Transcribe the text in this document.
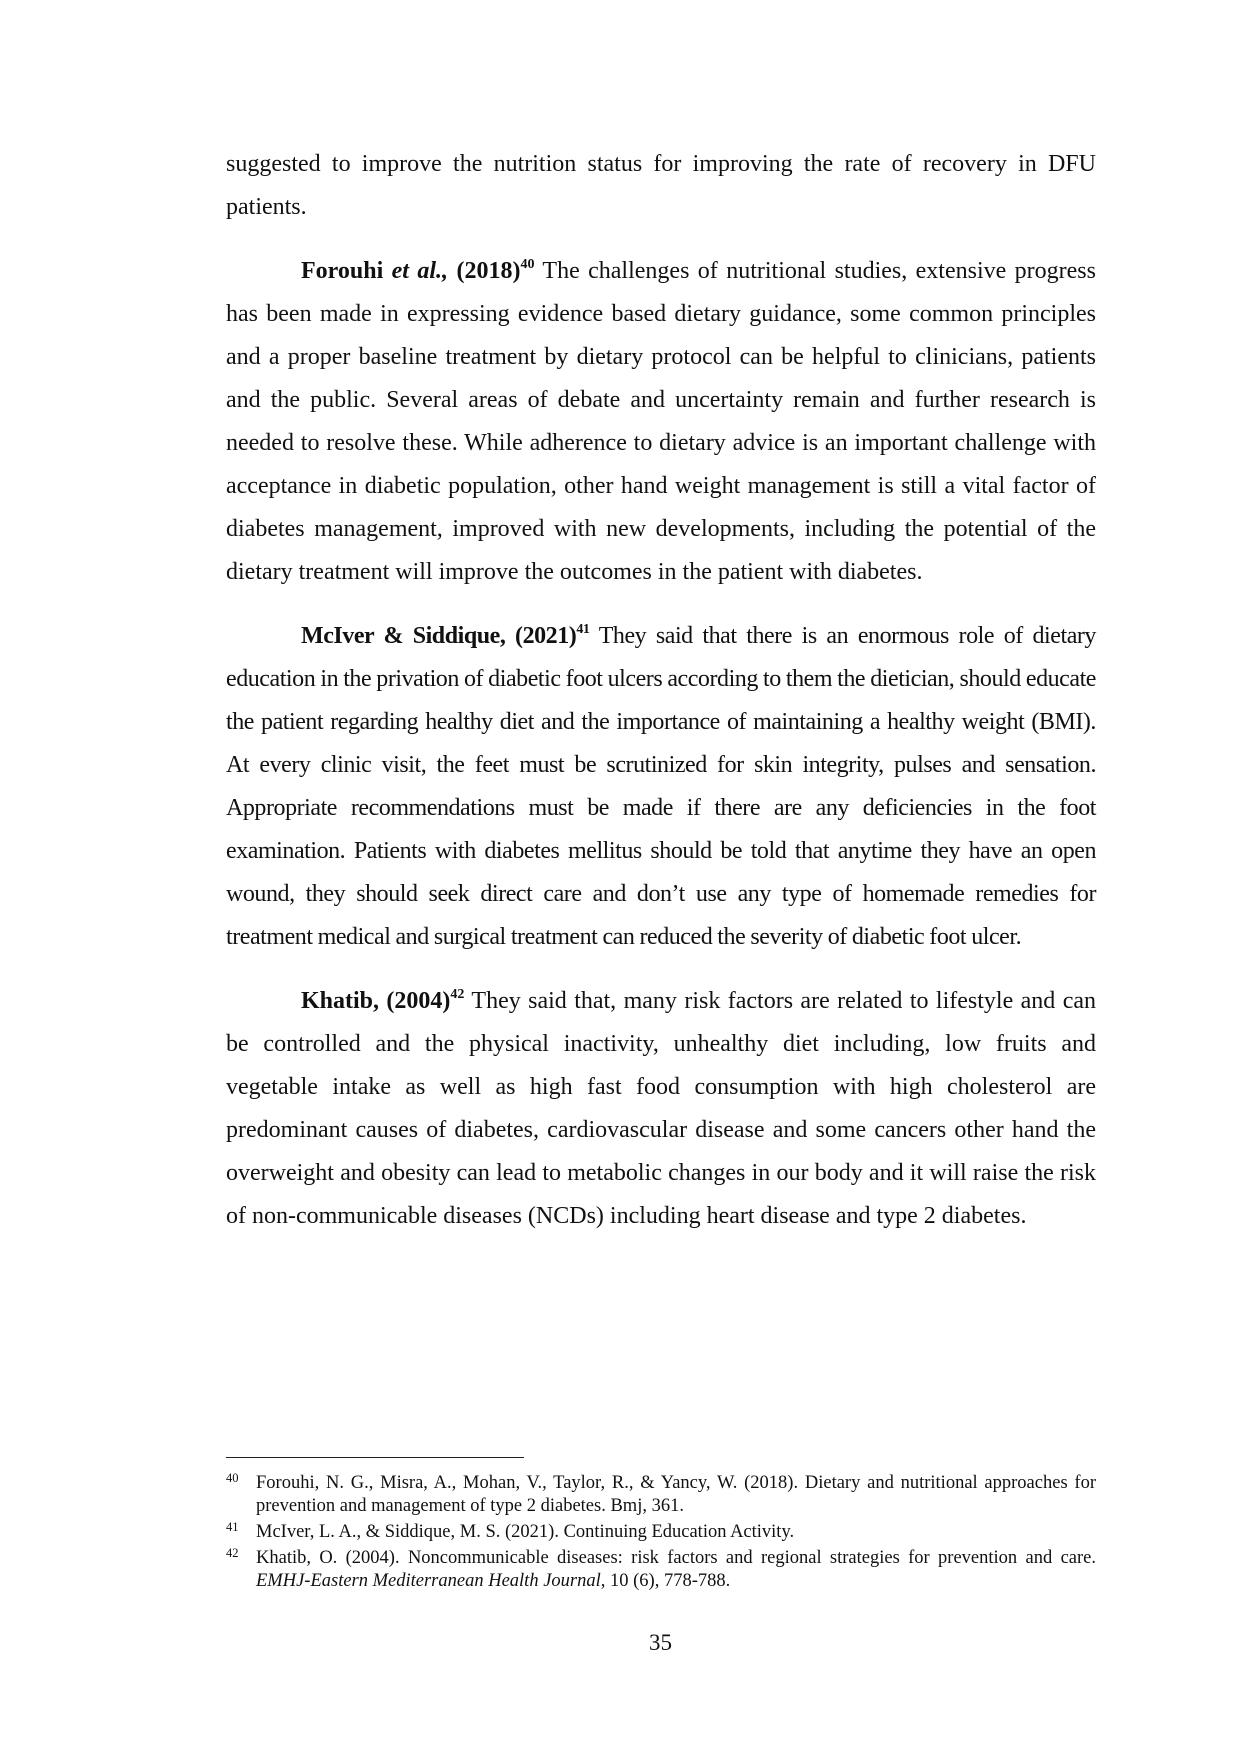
suggested to improve the nutrition status for improving the rate of recovery in DFU patients.

Forouhi et al., (2018)$^{40}$ The challenges of nutritional studies, extensive progress has been made in expressing evidence based dietary guidance, some common principles and a proper baseline treatment by dietary protocol can be helpful to clinicians, patients and the public. Several areas of debate and uncertainty remain and further research is needed to resolve these. While adherence to dietary advice is an important challenge with acceptance in diabetic population, other hand weight management is still a vital factor of diabetes management, improved with new developments, including the potential of the dietary treatment will improve the outcomes in the patient with diabetes.

McIver & Siddique, (2021)$^{41}$ They said that there is an enormous role of dietary education in the privation of diabetic foot ulcers according to them the dietician, should educate the patient regarding healthy diet and the importance of maintaining a healthy weight (BMI). At every clinic visit, the feet must be scrutinized for skin integrity, pulses and sensation. Appropriate recommendations must be made if there are any deficiencies in the foot examination. Patients with diabetes mellitus should be told that anytime they have an open wound, they should seek direct care and don’t use any type of homemade remedies for treatment medical and surgical treatment can reduced the severity of diabetic foot ulcer.

Khatib, (2004)$^{42}$ They said that, many risk factors are related to lifestyle and can be controlled and the physical inactivity, unhealthy diet including, low fruits and vegetable intake as well as high fast food consumption with high cholesterol are predominant causes of diabetes, cardiovascular disease and some cancers other hand the overweight and obesity can lead to metabolic changes in our body and it will raise the risk of non-communicable diseases (NCDs) including heart disease and type 2 diabetes.

40 Forouhi, N. G., Misra, A., Mohan, V., Taylor, R., & Yancy, W. (2018). Dietary and nutritional approaches for prevention and management of type 2 diabetes. Bmj, 361.
41 McIver, L. A., & Siddique, M. S. (2021). Continuing Education Activity.
42 Khatib, O. (2004). Noncommunicable diseases: risk factors and regional strategies for prevention and care. EMHJ-Eastern Mediterranean Health Journal, 10 (6), 778-788.
35
